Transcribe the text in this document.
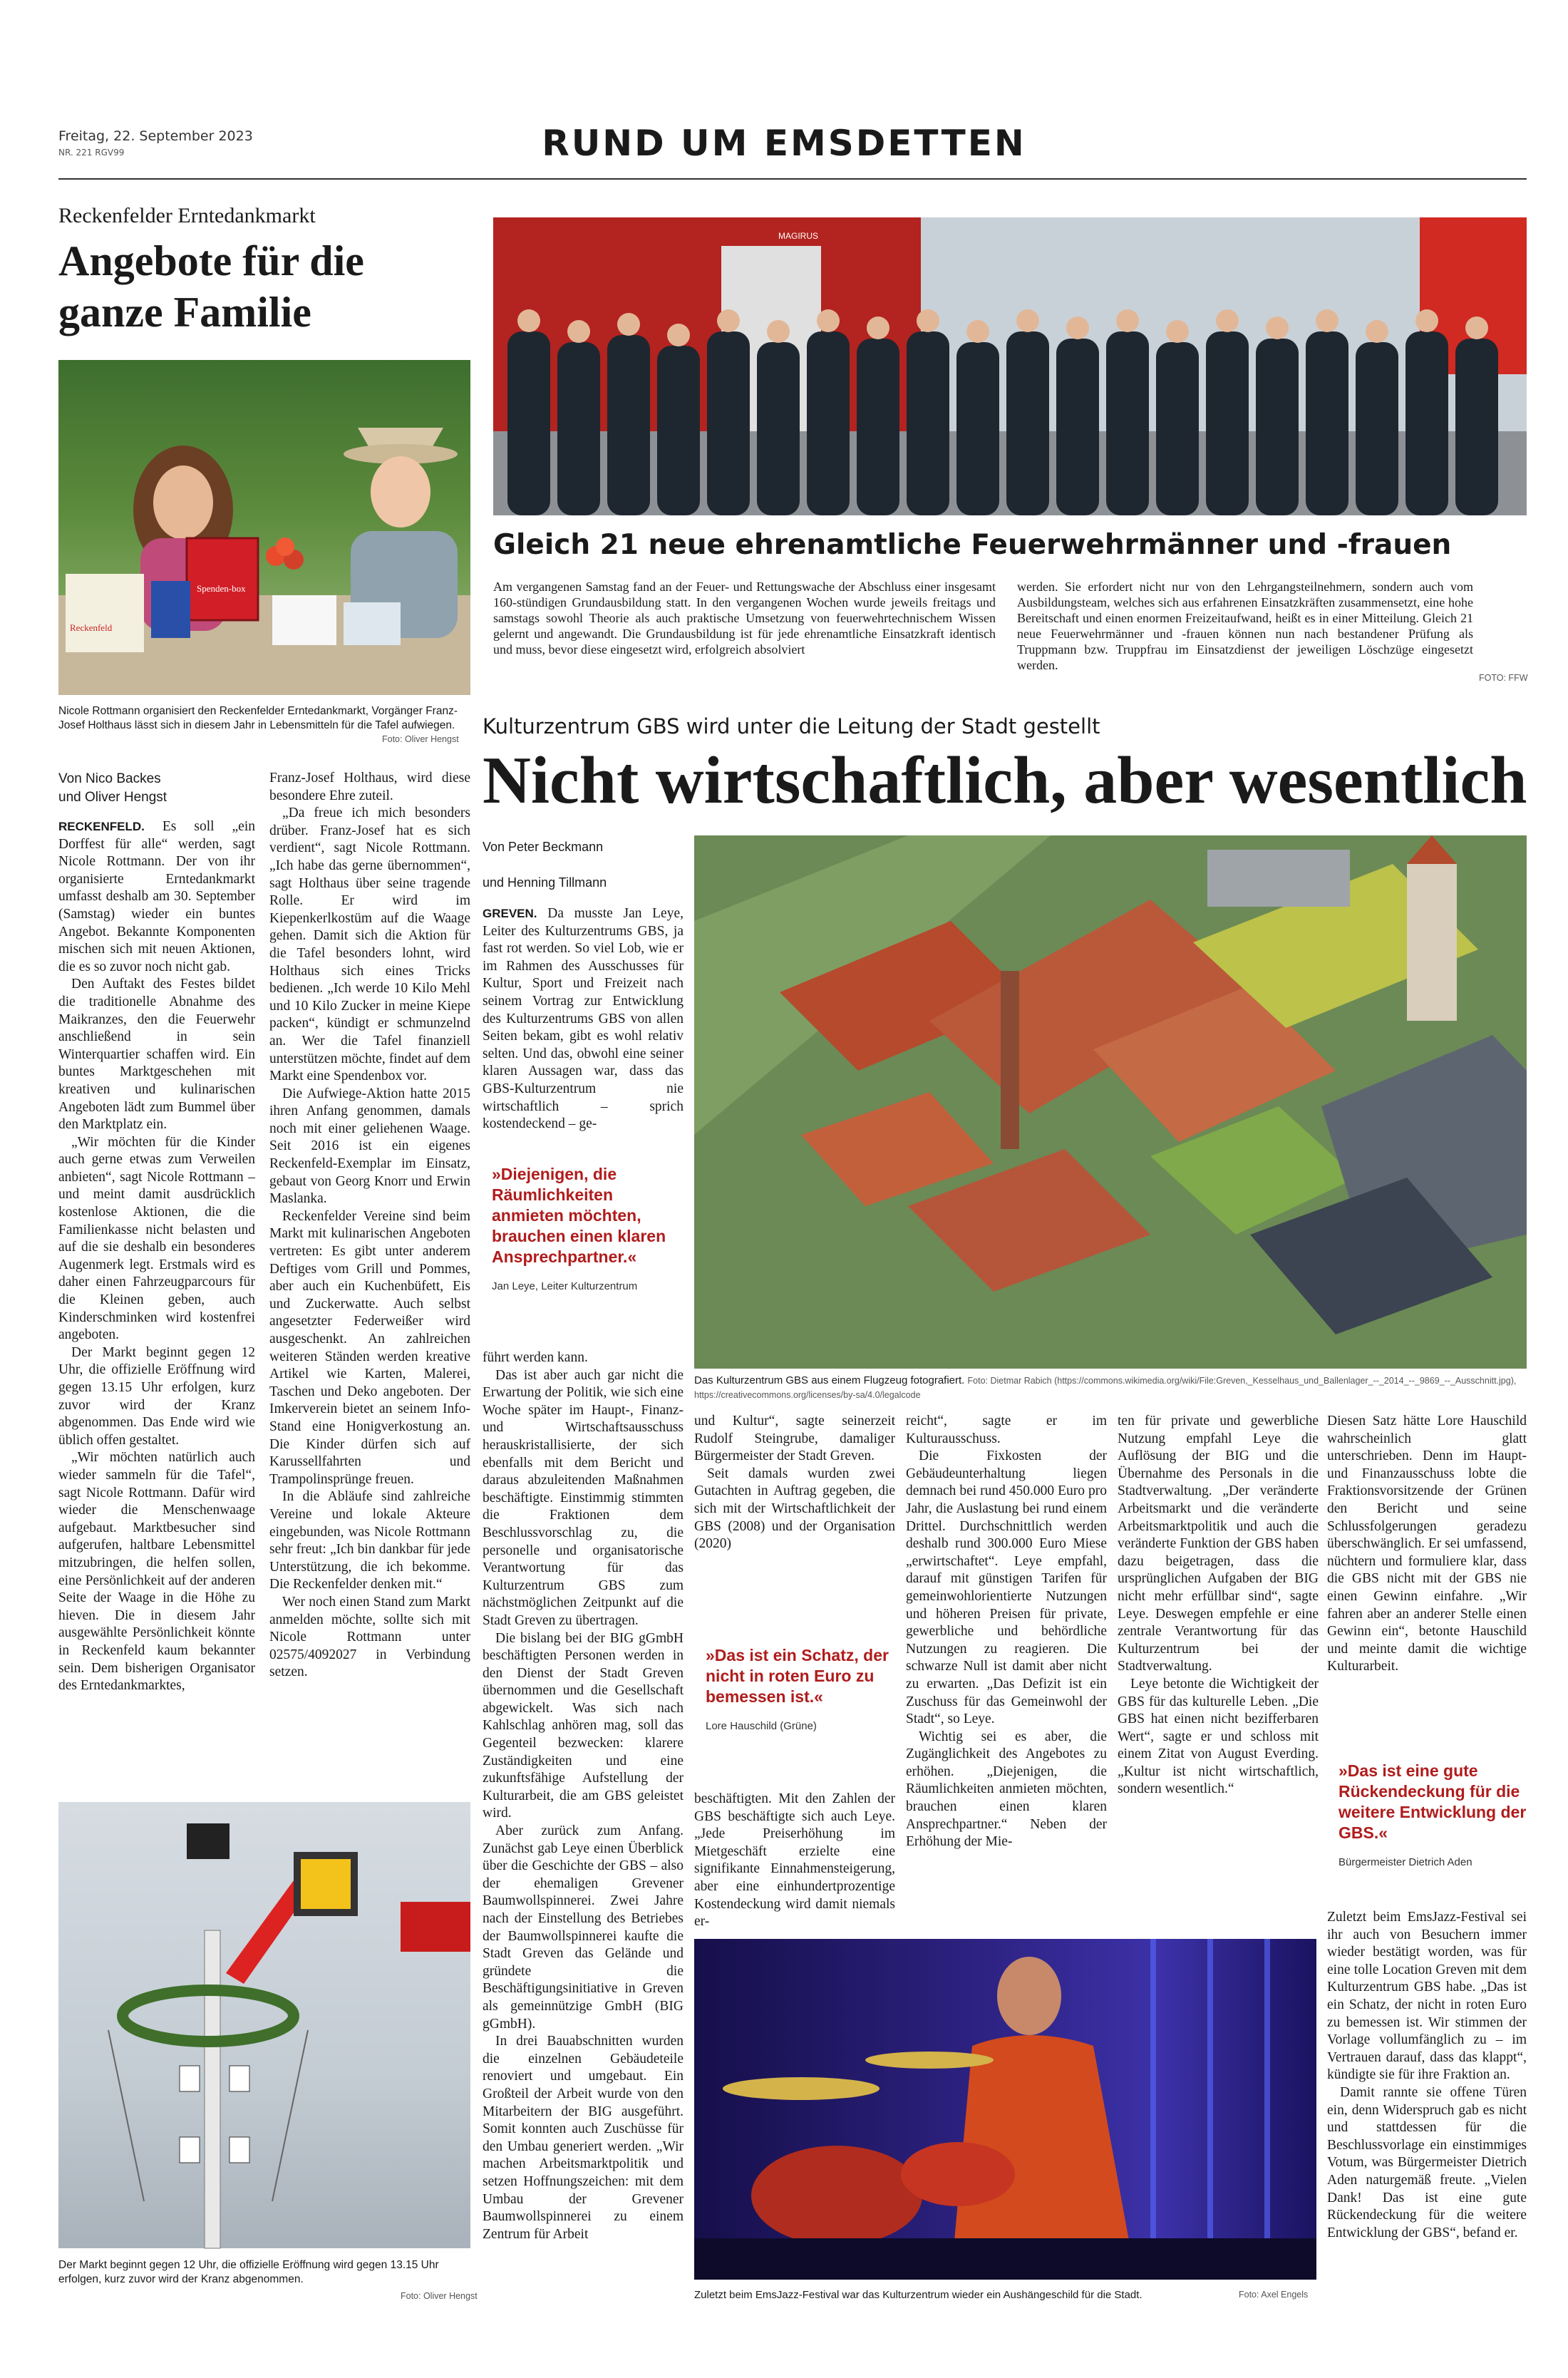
Freitag, 22. September 2023
NR. 221 RGV99	RUND UM EMSDETTEN
Reckenfelder Erntedankmarkt
Angebote für die ganze Familie
Spenden-box
Reckenfeld
Nicole Rottmann organisiert den Reckenfelder Erntedankmarkt, Vorgänger Franz-Josef Holthaus lässt sich in diesem Jahr in Lebensmitteln für die Tafel aufwiegen.
Foto: Oliver Hengst
Von Nico Backes
und Oliver Hengst

RECKENFELD. Es soll „ein Dorffest für alle“ werden, sagt Nicole Rottmann. Der von ihr organisierte Erntedankmarkt umfasst deshalb am 30. September (Samstag) wieder ein buntes Angebot. Bekannte Komponenten mischen sich mit neuen Aktionen, die es so zuvor noch nicht gab.

Den Auftakt des Festes bildet die traditionelle Abnahme des Maikranzes, den die Feuerwehr anschließend in sein Winterquartier schaffen wird. Ein buntes Marktgeschehen mit kreativen und kulinarischen Angeboten lädt zum Bummel über den Marktplatz ein.

„Wir möchten für die Kinder auch gerne etwas zum Verweilen anbieten“, sagt Nicole Rottmann – und meint damit ausdrücklich kostenlose Aktionen, die die Familienkasse nicht belasten und auf die sie deshalb ein besonderes Augenmerk legt. Erstmals wird es daher einen Fahrzeugparcours für die Kleinen geben, auch Kinderschminken wird kostenfrei angeboten.

Der Markt beginnt gegen 12 Uhr, die offizielle Eröffnung wird gegen 13.15 Uhr erfolgen, kurz zuvor wird der Kranz abgenommen. Das Ende wird wie üblich offen gestaltet.

„Wir möchten natürlich auch wieder sammeln für die Tafel“, sagt Nicole Rottmann. Dafür wird wieder die Menschenwaage aufgebaut. Marktbesucher sind aufgerufen, haltbare Lebensmittel mitzubringen, die helfen sollen, eine Persönlichkeit auf der anderen Seite der Waage in die Höhe zu hieven. Die in diesem Jahr ausgewählte Persönlichkeit könnte in Reckenfeld kaum bekannter sein. Dem bisherigen Organisator des Erntedankmarktes,

Franz-Josef Holthaus, wird diese besondere Ehre zuteil.

„Da freue ich mich besonders drüber. Franz-Josef hat es sich verdient“, sagt Nicole Rottmann. „Ich habe das gerne übernommen“, sagt Holthaus über seine tragende Rolle. Er wird im Kiepenkerlkostüm auf die Waage gehen. Damit sich die Aktion für die Tafel besonders lohnt, wird Holthaus sich eines Tricks bedienen. „Ich werde 10 Kilo Mehl und 10 Kilo Zucker in meine Kiepe packen“, kündigt er schmunzelnd an. Wer die Tafel finanziell unterstützen möchte, findet auf dem Markt eine Spendenbox vor.

Die Aufwiege-Aktion hatte 2015 ihren Anfang genommen, damals noch mit einer geliehenen Waage. Seit 2016 ist ein eigenes Reckenfeld-Exemplar im Einsatz, gebaut von Georg Knorr und Erwin Maslanka.

Reckenfelder Vereine sind beim Markt mit kulinarischen Angeboten vertreten: Es gibt unter anderem Deftiges vom Grill und Pommes, aber auch ein Kuchenbüfett, Eis und Zuckerwatte. Auch selbst angesetzter Federweißer wird ausgeschenkt. An zahlreichen weiteren Ständen werden kreative Artikel wie Karten, Malerei, Taschen und Deko angeboten. Der Imkerverein bietet an seinem Info-Stand eine Honigverkostung an. Die Kinder dürfen sich auf Karussellfahrten und Trampolinsprünge freuen.

In die Abläufe sind zahlreiche Vereine und lokale Akteure eingebunden, was Nicole Rottmann sehr freut: „Ich bin dankbar für jede Unterstützung, die ich bekomme. Die Reckenfelder denken mit.“

Wer noch einen Stand zum Markt anmelden möchte, sollte sich mit Nicole Rottmann unter 02575/4092027 in Verbindung setzen.

Der Markt beginnt gegen 12 Uhr, die offizielle Eröffnung wird gegen 13.15 Uhr erfolgen, kurz zuvor wird der Kranz abgenommen.
Foto: Oliver Hengst
MAGIRUS
Gleich 21 neue ehrenamtliche Feuerwehrmänner und -frauen
Am vergangenen Samstag fand an der Feuer- und Rettungswache der Abschluss einer insgesamt 160-stündigen Grundausbildung statt. In den vergangenen Wochen wurde jeweils freitags und samstags sowohl Theorie als auch praktische Umsetzung von feuerwehrtechnischem Wissen gelernt und angewandt. Die Grundausbildung ist für jede ehrenamtliche Einsatzkraft identisch und muss, bevor diese eingesetzt wird, erfolgreich absolviert
werden. Sie erfordert nicht nur von den Lehrgangsteilnehmern, sondern auch vom Ausbildungsteam, welches sich aus erfahrenen Einsatzkräften zusammensetzt, eine hohe Bereitschaft und einen enormen Freizeitaufwand, heißt es in einer Mitteilung. Gleich 21 neue Feuerwehrmänner und -frauen können nun nach bestandener Prüfung als Truppmann bzw. Truppfrau im Einsatzdienst der jeweiligen Löschzüge eingesetzt werden.
FOTO: FFW
Kulturzentrum GBS wird unter die Leitung der Stadt gestellt
Nicht wirtschaftlich, aber wesentlich
Von Peter Beckmann
und Henning Tillmann

GREVEN. Da musste Jan Leye, Leiter des Kulturzentrums GBS, ja fast rot werden. So viel Lob, wie er im Rahmen des Ausschusses für Kultur, Sport und Freizeit nach seinem Vortrag zur Entwicklung des Kulturzentrums GBS von allen Seiten bekam, gibt es wohl relativ selten. Und das, obwohl eine seiner klaren Aussagen war, dass das GBS-Kulturzentrum nie wirtschaftlich – sprich kostendeckend – ge-

»Diejenigen, die Räumlichkeiten anmieten möchten, brauchen einen klaren Ansprechpartner.«
Jan Leye, Leiter Kulturzentrum

führt werden kann.

Das ist aber auch gar nicht die Erwartung der Politik, wie sich eine Woche später im Haupt-, Finanz- und Wirtschaftsausschuss herauskristallisierte, der sich ebenfalls mit dem Bericht und daraus abzuleitenden Maßnahmen beschäftigte. Einstimmig stimmten die Fraktionen dem Beschlussvorschlag zu, die personelle und organisatorische Verantwortung für das Kulturzentrum GBS zum nächstmöglichen Zeitpunkt auf die Stadt Greven zu übertragen.

Die bislang bei der BIG gGmbH beschäftigten Personen werden in den Dienst der Stadt Greven übernommen und die Gesellschaft abgewickelt. Was sich nach Kahlschlag anhören mag, soll das Gegenteil bezwecken: klarere Zuständigkeiten und eine zukunftsfähige Aufstellung der Kulturarbeit, die am GBS geleistet wird.

Aber zurück zum Anfang. Zunächst gab Leye einen Überblick über die Geschichte der GBS – also der ehemaligen Grevener Baumwollspinnerei. Zwei Jahre nach der Einstellung des Betriebes der Baumwollspinnerei kaufte die Stadt Greven das Gelände und gründete die Beschäftigungsinitiative in Greven als gemeinnützige GmbH (BIG gGmbH).

In drei Bauabschnitten wurden die einzelnen Gebäudeteile renoviert und umgebaut. Ein Großteil der Arbeit wurde von den Mitarbeitern der BIG ausgeführt. Somit konnten auch Zuschüsse für den Umbau generiert werden. „Wir machen Arbeitsmarktpolitik und setzen Hoffnungszeichen: mit dem Umbau der Grevener Baumwollspinnerei zu einem Zentrum für Arbeit

Das Kulturzentrum GBS aus einem Flugzeug fotografiert. Foto: Dietmar Rabich (https://commons.wikimedia.org/wiki/File:Greven,_Kesselhaus_und_Ballenlager_--_2014_--_9869_--_Ausschnitt.jpg), https://creativecommons.org/licenses/by-sa/4.0/legalcode

und Kultur“, sagte seinerzeit Rudolf Steingrube, damaliger Bürgermeister der Stadt Greven.

Seit damals wurden zwei Gutachten in Auftrag gegeben, die sich mit der Wirtschaftlichkeit der GBS (2008) und der Organisation (2020)

»Das ist ein Schatz, der nicht in roten Euro zu bemessen ist.«
Lore Hauschild (Grüne)
beschäftigten. Mit den Zahlen der GBS beschäftigte sich auch Leye. „Jede Preiserhöhung im Mietgeschäft erzielte eine signifikante Einnahmensteigerung, aber eine einhundertprozentige Kostendeckung wird damit niemals er-

reicht“, sagte er im Kulturausschuss.

Die Fixkosten der Gebäudeunterhaltung liegen demnach bei rund 450.000 Euro pro Jahr, die Auslastung bei rund einem Drittel. Durchschnittlich werden deshalb rund 300.000 Euro Miese „erwirtschaftet“. Leye empfahl, darauf mit günstigen Tarifen für gemeinwohlorientierte Nutzungen und höheren Preisen für private, gewerbliche und behördliche Nutzungen zu reagieren. Die schwarze Null ist damit aber nicht zu erwarten. „Das Defizit ist ein Zuschuss für das Gemeinwohl der Stadt“, so Leye.

Wichtig sei es aber, die Zugänglichkeit des Angebotes zu erhöhen. „Diejenigen, die Räumlichkeiten anmieten möchten, brauchen einen klaren Ansprechpartner.“ Neben der Erhöhung der Mie-

ten für private und gewerbliche Nutzung empfahl Leye die Auflösung der BIG und die Übernahme des Personals in die Stadtverwaltung. „Der veränderte Arbeitsmarkt und die veränderte Arbeitsmarktpolitik und auch die veränderte Funktion der GBS haben dazu beigetragen, dass die ursprünglichen Aufgaben der BIG nicht mehr erfüllbar sind“, sagte Leye. Deswegen empfehle er eine zentrale Verantwortung für das Kulturzentrum bei der Stadtverwaltung.

Leye betonte die Wichtigkeit der GBS für das kulturelle Leben. „Die GBS hat einen nicht bezifferbaren Wert“, sagte er und schloss mit einem Zitat von August Everding. „Kultur ist nicht wirtschaftlich, sondern wesentlich.“

Diesen Satz hätte Lore Hauschild wahrscheinlich glatt unterschrieben. Denn im Haupt- und Finanzausschuss lobte die Fraktionsvorsitzende der Grünen den Bericht und seine Schlussfolgerungen geradezu überschwänglich. Er sei umfassend, nüchtern und formuliere klar, dass die GBS nicht mit der GBS nie einen Gewinn einfahre. „Wir fahren aber an anderer Stelle einen Gewinn ein“, betonte Hauschild und meinte damit die wichtige Kulturarbeit.
»Das ist eine gute Rückendeckung für die weitere Entwicklung der GBS.«
Bürgermeister Dietrich Aden

Zuletzt beim EmsJazz-Festival sei ihr auch von Besuchern immer wieder bestätigt worden, was für eine tolle Location Greven mit dem Kulturzentrum GBS habe. „Das ist ein Schatz, der nicht in roten Euro zu bemessen ist. Wir stimmen der Vorlage vollumfänglich zu – im Vertrauen darauf, dass das klappt“, kündigte sie für ihre Fraktion an.

Damit rannte sie offene Türen ein, denn Widerspruch gab es nicht und stattdessen für die Beschlussvorlage ein einstimmiges Votum, was Bürgermeister Dietrich Aden naturgemäß freute. „Vielen Dank! Das ist eine gute Rückendeckung für die weitere Entwicklung der GBS“, befand er.

Zuletzt beim EmsJazz-Festival war das Kulturzentrum wieder ein Aushängeschild für die Stadt.	Foto: Axel Engels
